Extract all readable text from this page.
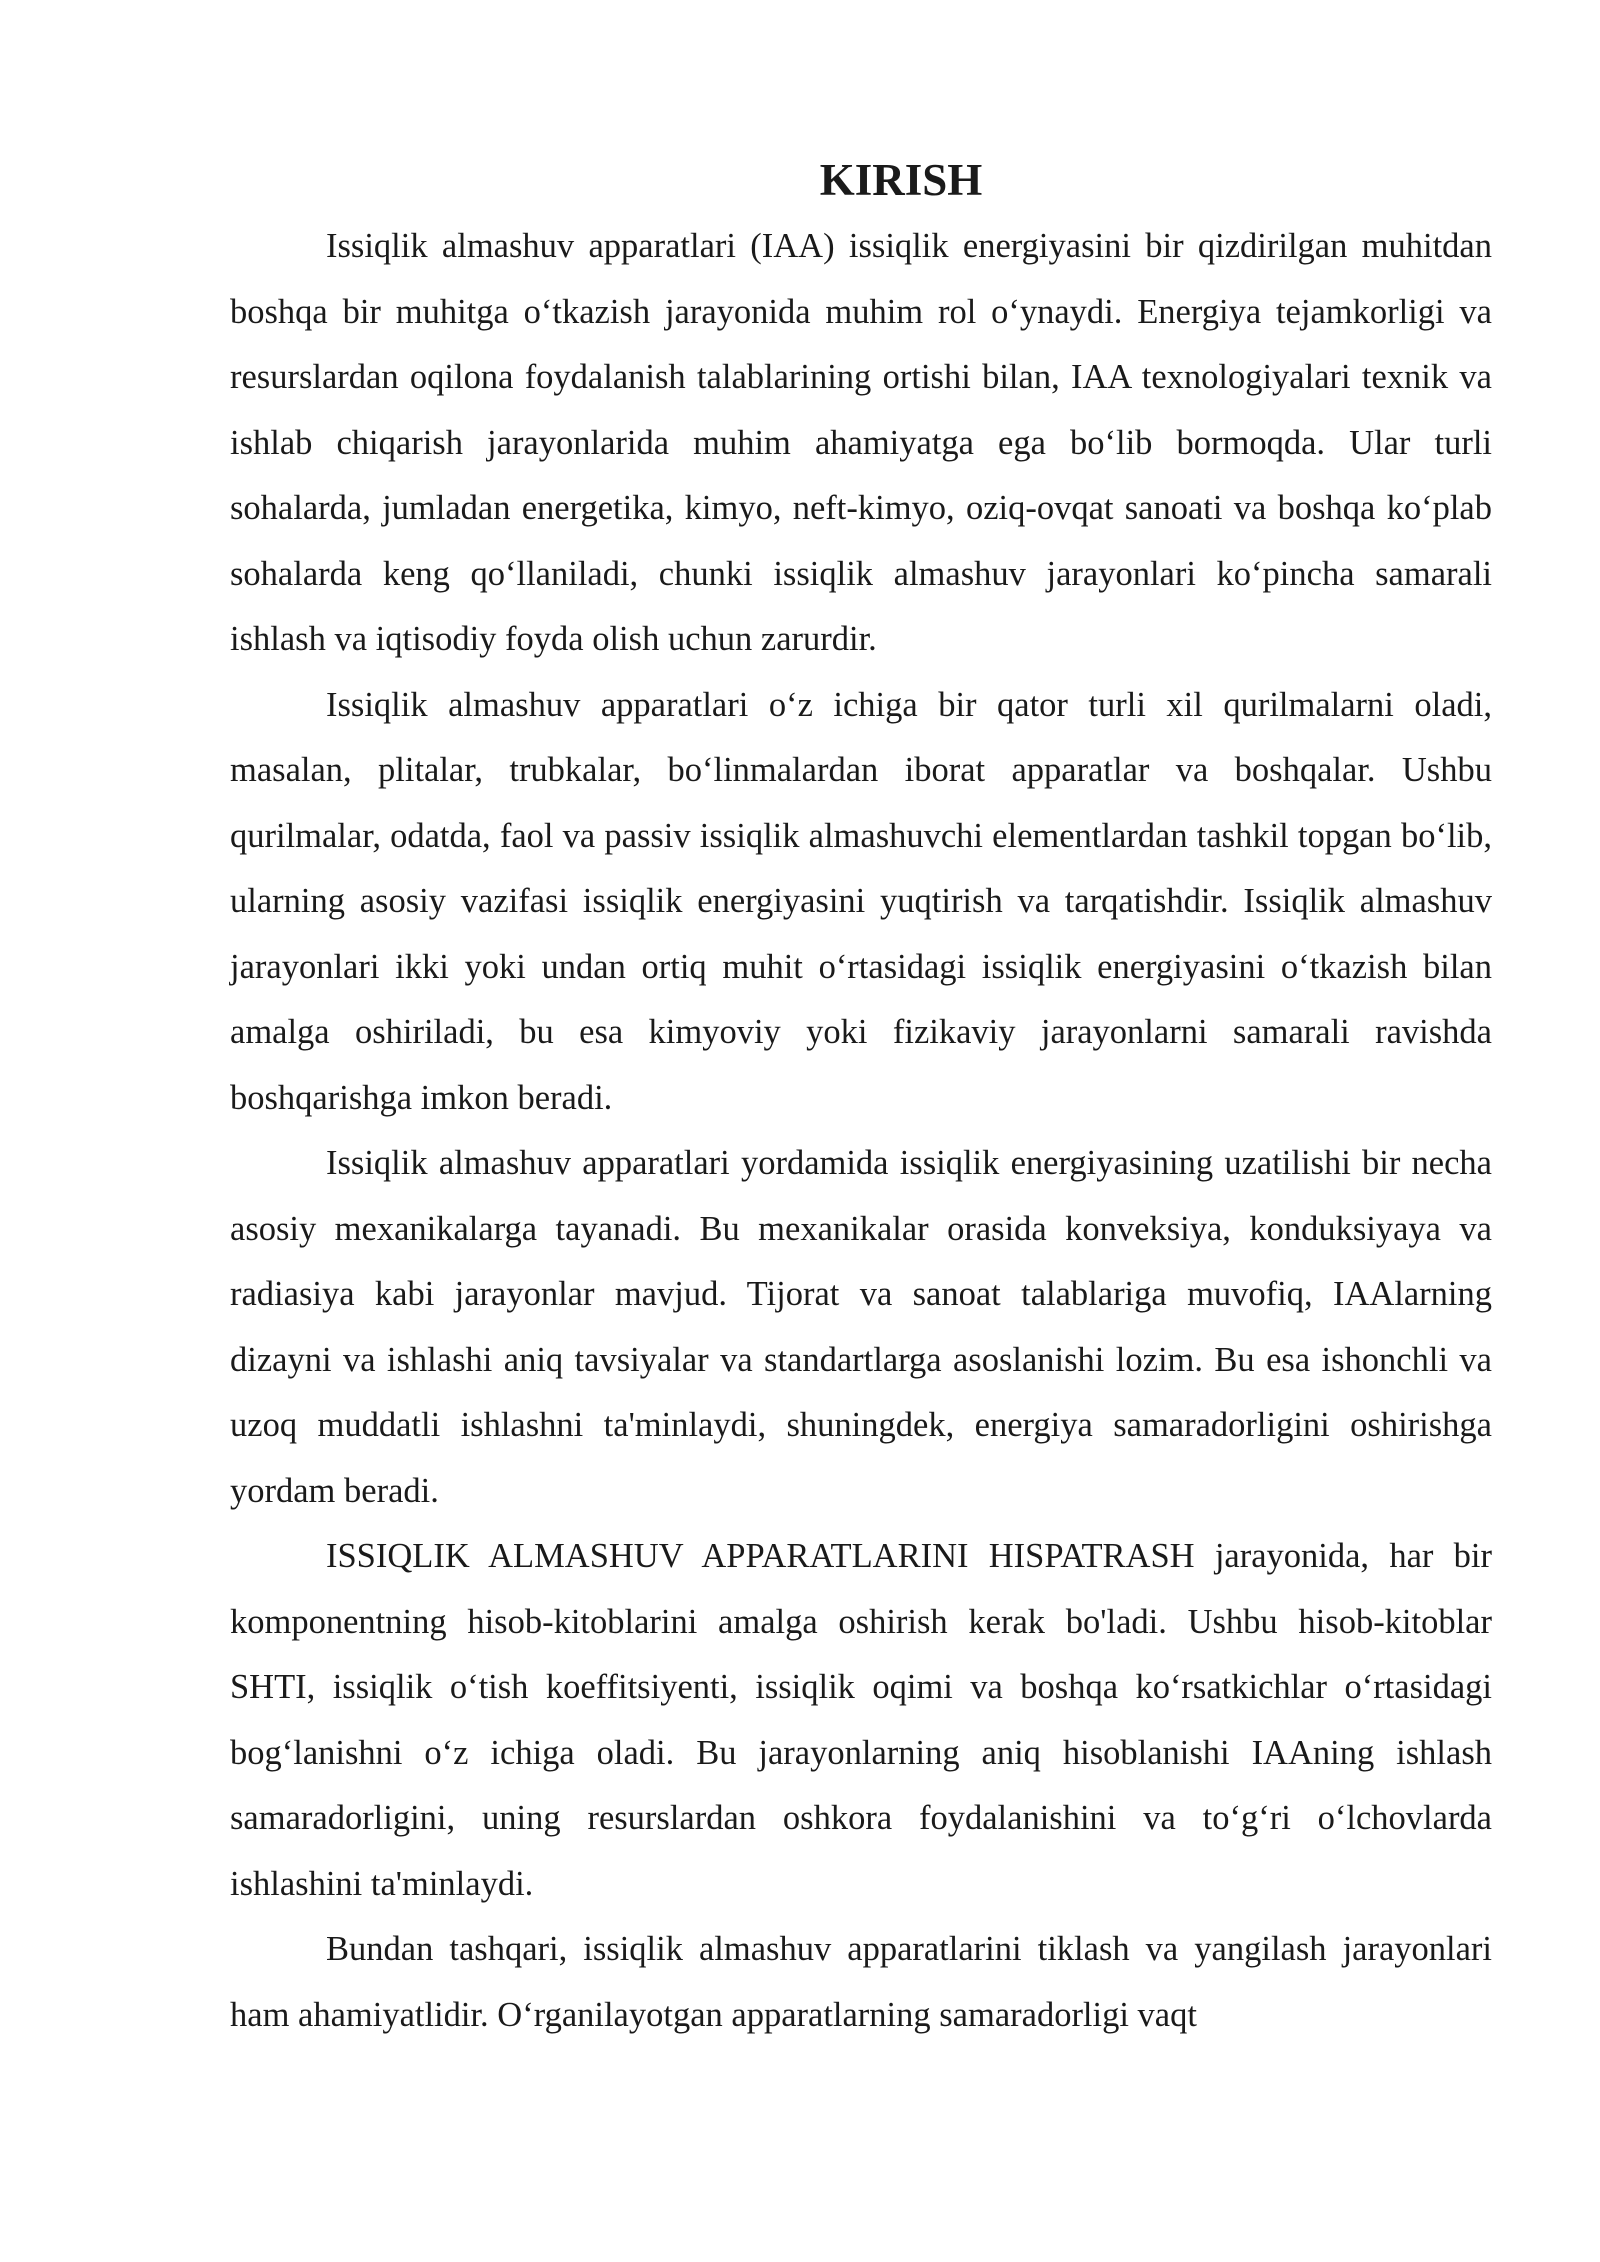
KIRISH

Issiqlik almashuv apparatlari (IAA) issiqlik energiyasini bir qizdirilgan muhitdan boshqa bir muhitga o‘tkazish jarayonida muhim rol o‘ynaydi. Energiya tejamkorligi va resurslardan oqilona foydalanish talablarining ortishi bilan, IAA texnologiyalari texnik va ishlab chiqarish jarayonlarida muhim ahamiyatga ega bo‘lib bormoqda. Ular turli sohalarda, jumladan energetika, kimyo, neft-kimyo, oziq-ovqat sanoati va boshqa ko‘plab sohalarda keng qo‘llaniladi, chunki issiqlik almashuv jarayonlari ko‘pincha samarali ishlash va iqtisodiy foyda olish uchun zarurdir.

Issiqlik almashuv apparatlari o‘z ichiga bir qator turli xil qurilmalarni oladi, masalan, plitalar, trubkalar, bo‘linmalardan iborat apparatlar va boshqalar. Ushbu qurilmalar, odatda, faol va passiv issiqlik almashuvchi elementlardan tashkil topgan bo‘lib, ularning asosiy vazifasi issiqlik energiyasini yuqtirish va tarqatishdir. Issiqlik almashuv jarayonlari ikki yoki undan ortiq muhit o‘rtasidagi issiqlik energiyasini o‘tkazish bilan amalga oshiriladi, bu esa kimyoviy yoki fizikaviy jarayonlarni samarali ravishda boshqarishga imkon beradi.

Issiqlik almashuv apparatlari yordamida issiqlik energiyasining uzatilishi bir necha asosiy mexanikalarga tayanadi. Bu mexanikalar orasida konveksiya, konduksiyaya va radiasiya kabi jarayonlar mavjud. Tijorat va sanoat talablariga muvofiq, IAAlarning dizayni va ishlashi aniq tavsiyalar va standartlarga asoslanishi lozim. Bu esa ishonchli va uzoq muddatli ishlashni ta'minlaydi, shuningdek, energiya samaradorligini oshirishga yordam beradi.

ISSIQLIK ALMASHUV APPARATLARINI HISPATRASH jarayonida, har bir komponentning hisob-kitoblarini amalga oshirish kerak bo'ladi. Ushbu hisob-kitoblar SHTI, issiqlik o‘tish koeffitsiyenti, issiqlik oqimi va boshqa ko‘rsatkichlar o‘rtasidagi bog‘lanishni o‘z ichiga oladi. Bu jarayonlarning aniq hisoblanishi IAAning ishlash samaradorligini, uning resurslardan oshkora foydalanishini va to‘g‘ri o‘lchovlarda ishlashini ta'minlaydi.

Bundan tashqari, issiqlik almashuv apparatlarini tiklash va yangilash jarayonlari ham ahamiyatlidir. O‘rganilayotgan apparatlarning samaradorligi vaqt
